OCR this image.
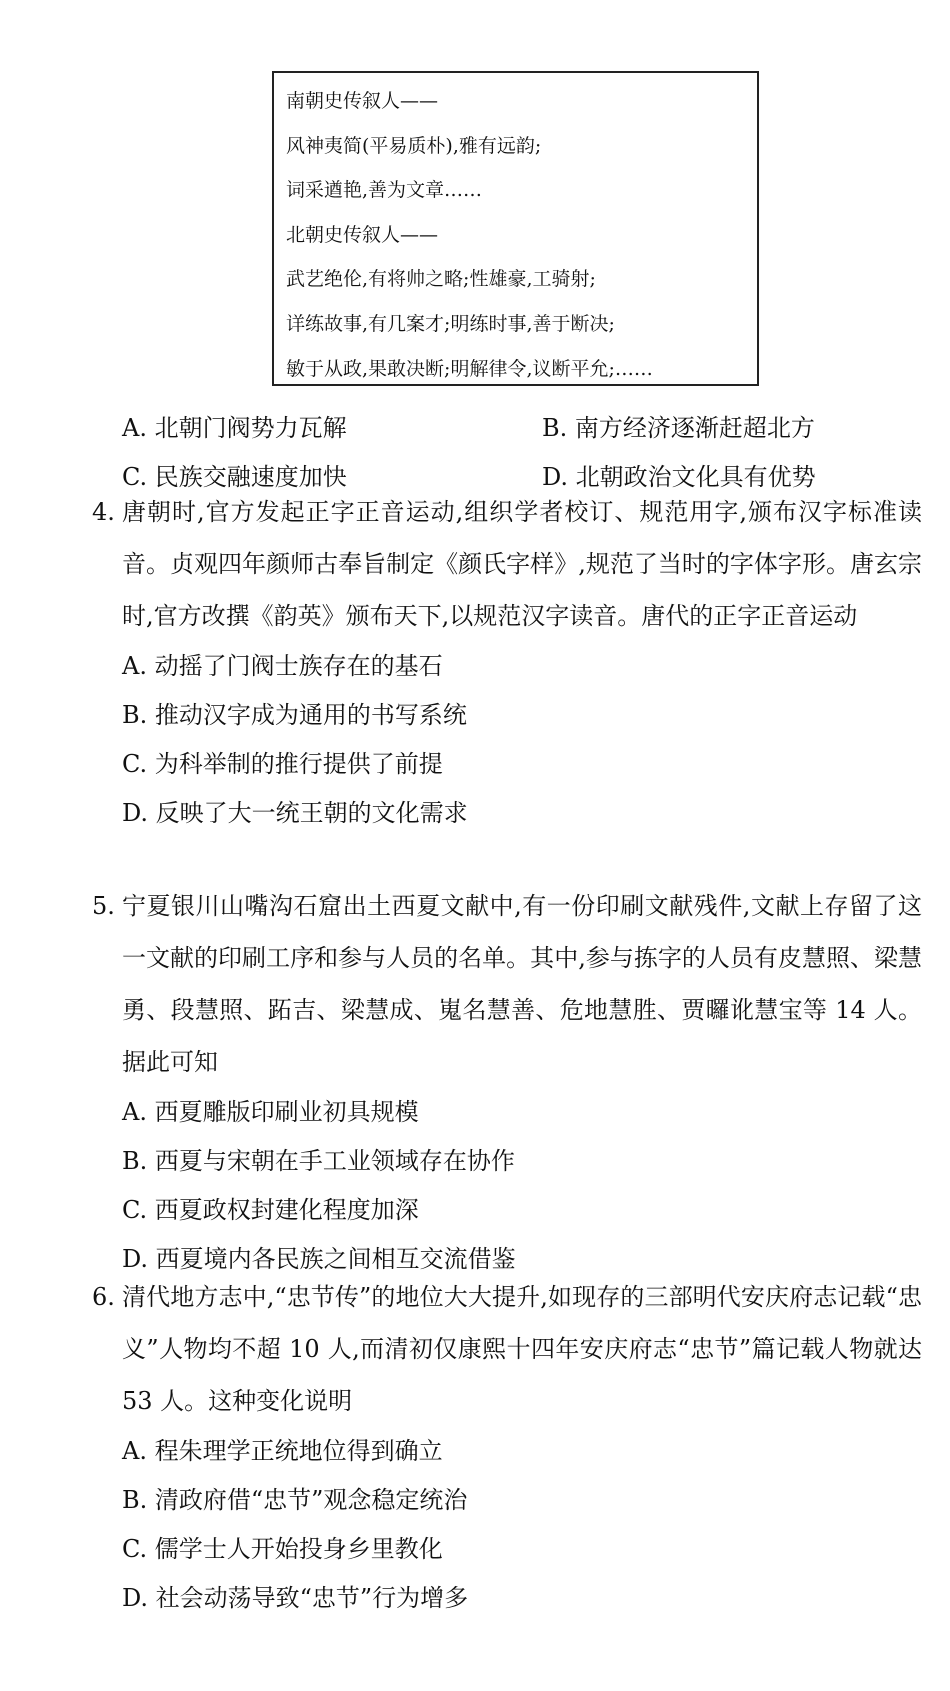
南朝史传叙人——
风神夷简(平易质朴),雅有远韵;
词采遒艳,善为文章……
北朝史传叙人——
武艺绝伦,有将帅之略;性雄豪,工骑射;
详练故事,有几案才;明练时事,善于断决;
敏于从政,果敢决断;明解律令,议断平允;……
A. 北朝门阀势力瓦解	B. 南方经济逐渐赶超北方
C. 民族交融速度加快	D. 北朝政治文化具有优势
4. 唐朝时,官方发起正字正音运动,组织学者校订、规范用字,颁布汉字标准读音。贞观四年颜师古奉旨制定《颜氏字样》,规范了当时的字体字形。唐玄宗时,官方改撰《韵英》颁布天下,以规范汉字读音。唐代的正字正音运动
A. 动摇了门阀士族存在的基石
B. 推动汉字成为通用的书写系统
C. 为科举制的推行提供了前提
D. 反映了大一统王朝的文化需求
5. 宁夏银川山嘴沟石窟出土西夏文献中,有一份印刷文献残件,文献上存留了这一文献的印刷工序和参与人员的名单。其中,参与拣字的人员有皮慧照、梁慧勇、段慧照、跖吉、梁慧成、嵬名慧善、危地慧胜、贾曪讹慧宝等 14 人。据此可知
A. 西夏雕版印刷业初具规模
B. 西夏与宋朝在手工业领域存在协作
C. 西夏政权封建化程度加深
D. 西夏境内各民族之间相互交流借鉴
6. 清代地方志中,“忠节传”的地位大大提升,如现存的三部明代安庆府志记载“忠义”人物均不超 10 人,而清初仅康熙十四年安庆府志“忠节”篇记载人物就达 53 人。这种变化说明
A. 程朱理学正统地位得到确立
B. 清政府借“忠节”观念稳定统治
C. 儒学士人开始投身乡里教化
D. 社会动荡导致“忠节”行为增多
